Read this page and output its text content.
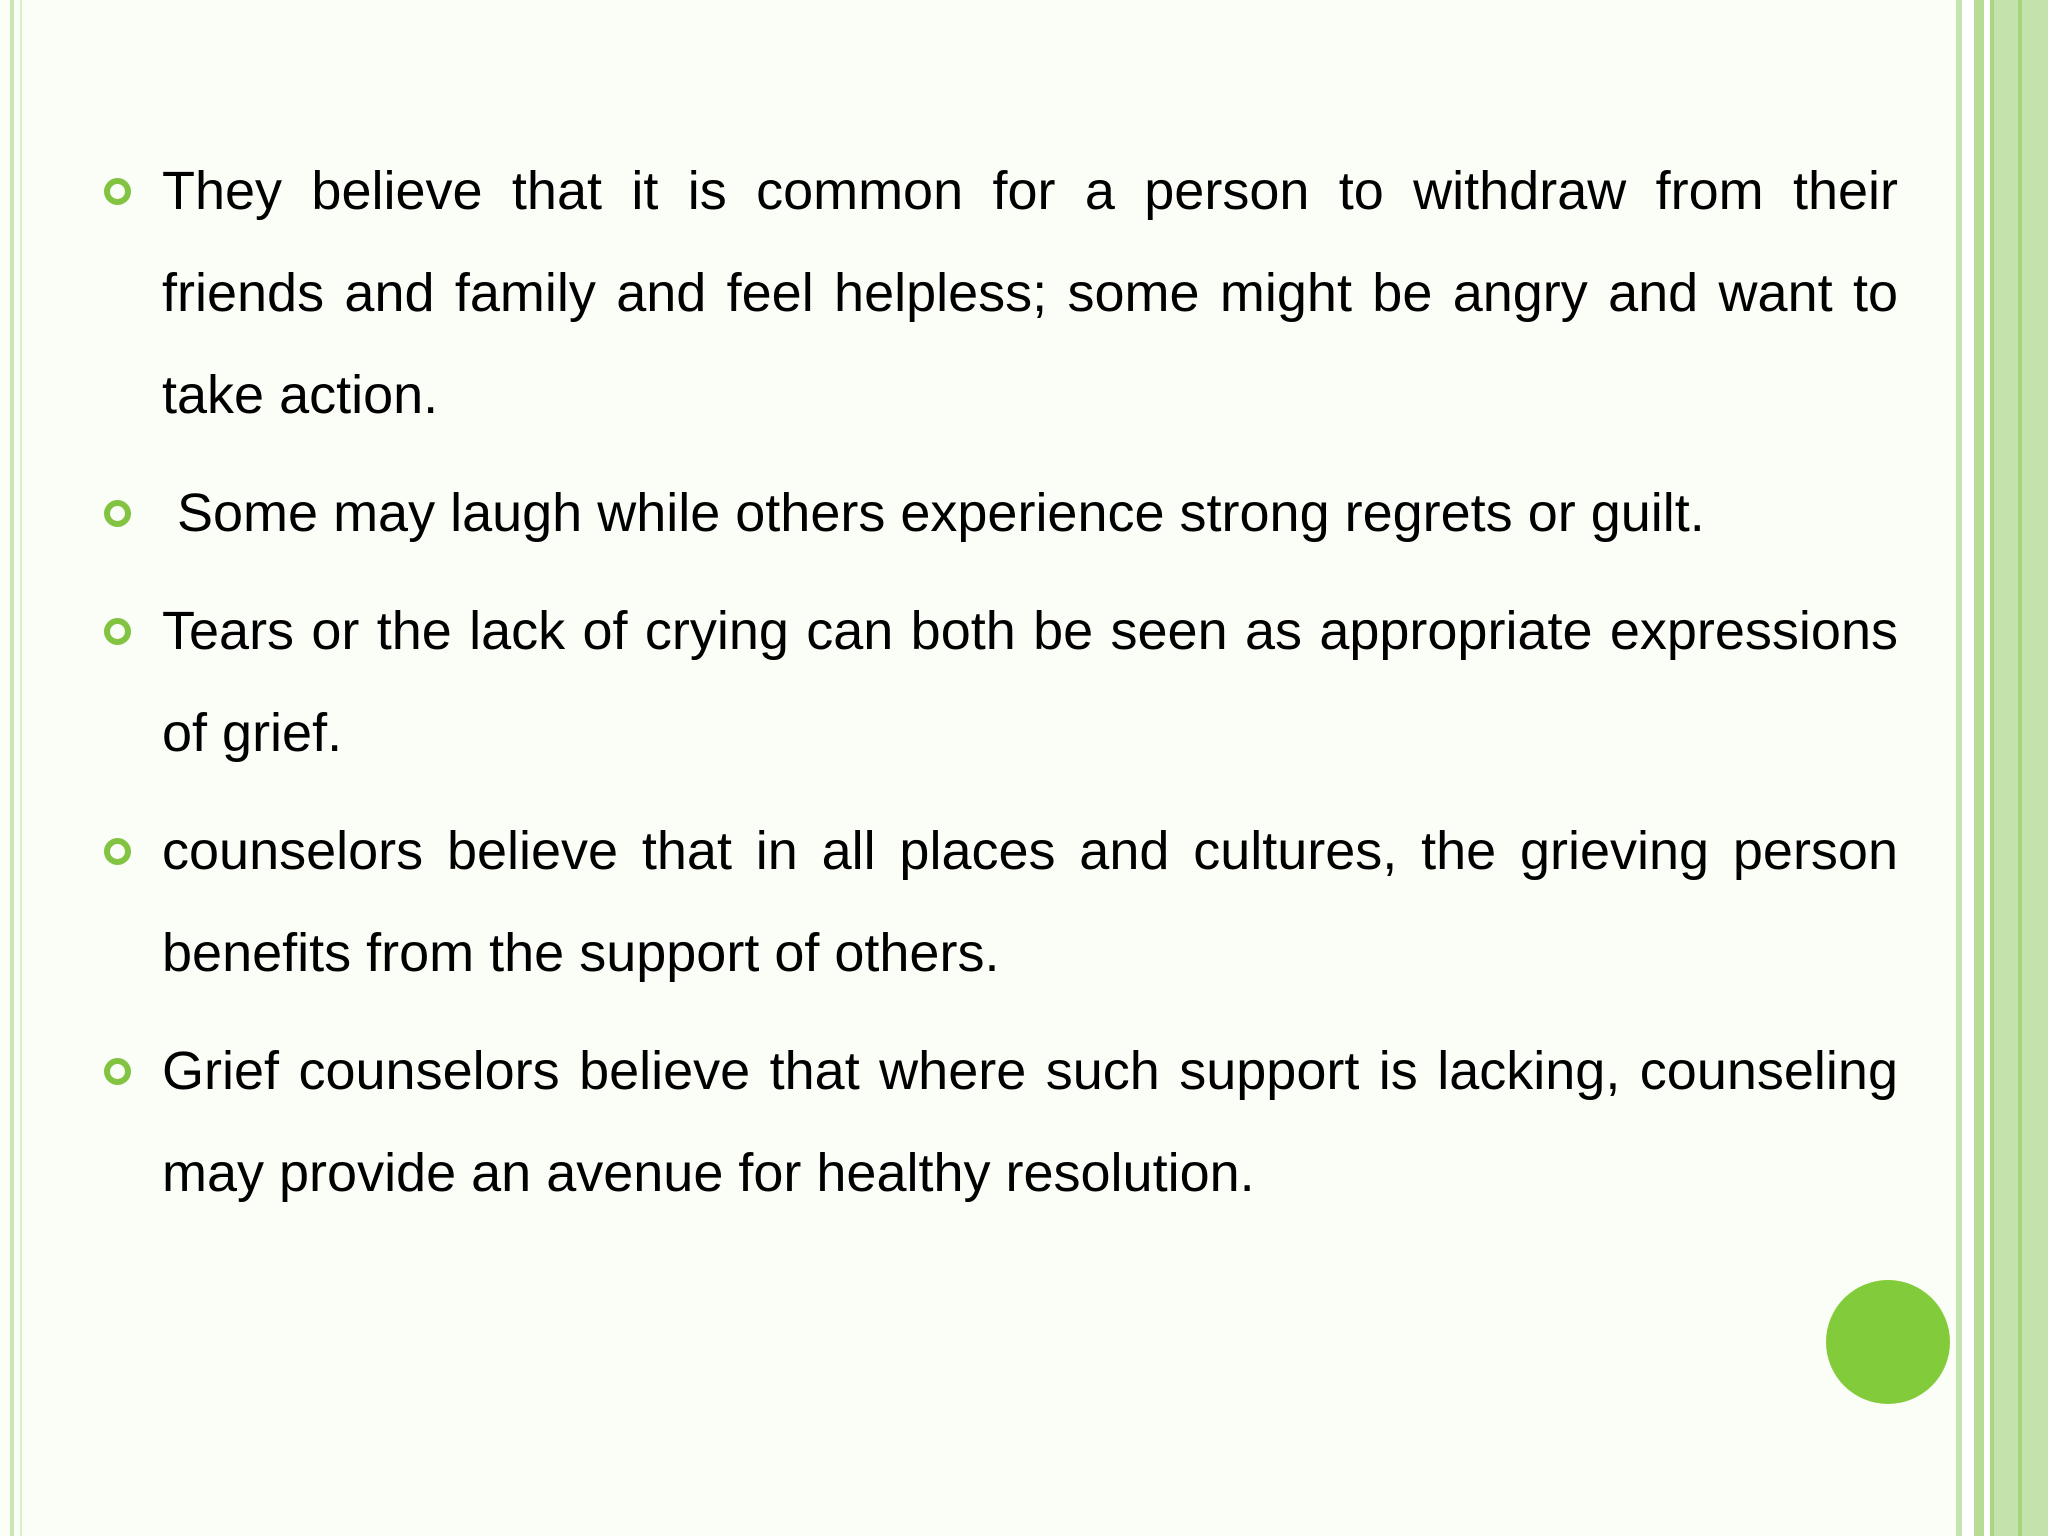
They believe that it is common for a person to withdraw from their friends and family and feel helpless; some might be angry and want to take action.
Some may laugh while others experience strong regrets or guilt.
Tears or the lack of crying can both be seen as appropriate expressions of grief.
counselors believe that in all places and cultures, the grieving person benefits from the support of others.
Grief counselors believe that where such support is lacking, counseling may provide an avenue for healthy resolution.
